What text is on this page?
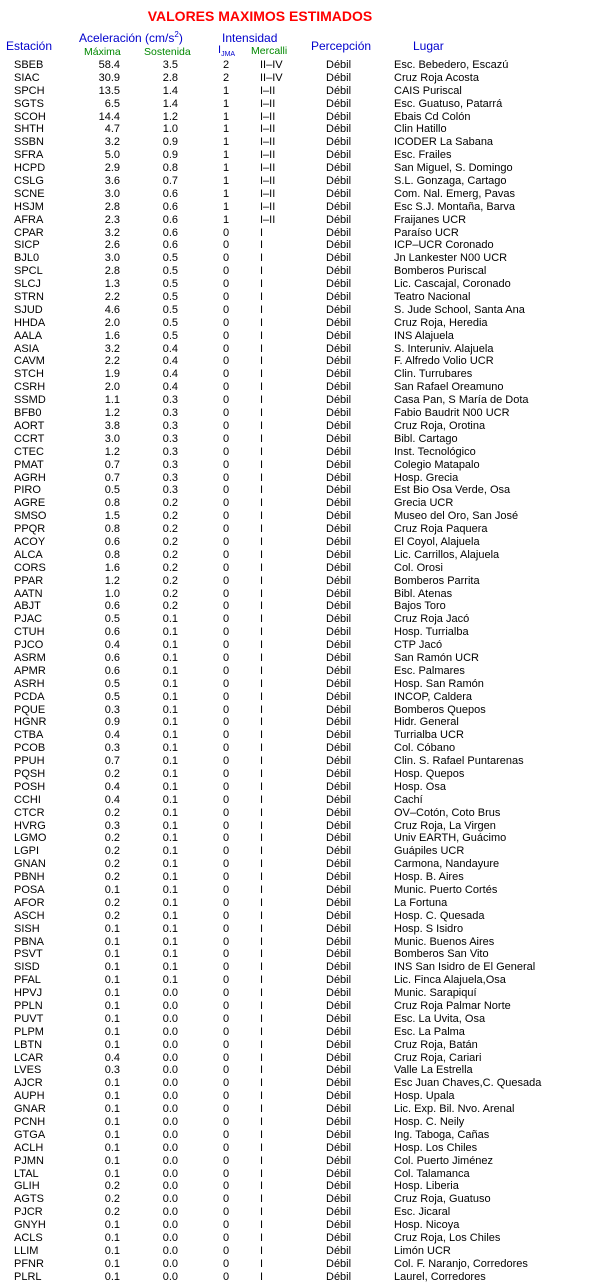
VALORES MAXIMOS ESTIMADOS
Estación
Aceleración $(cm/s^2)$
Máxima Sostenida
Intensidad
$I_{JMA}$ Mercalli Percepción	Lugar
SBEB	58.4	3.5	2	II–IV	Débil	Esc. Bebedero, Escazú
SIAC	30.9	2.8	2	II–IV	Débil	Cruz Roja Acosta
SPCH	13.5	1.4	1	I–II	Débil	CAIS Puriscal
SGTS	6.5	1.4	1	I–II	Débil	Esc. Guatuso, Patarrá
SCOH	14.4	1.2	1	I–II	Débil	Ebais Cd Colón
SHTH	4.7	1.0	1	I–II	Débil	Clin Hatillo
SSBN	3.2	0.9	1	I–II	Débil	ICODER La Sabana
SFRA	5.0	0.9	1	I–II	Débil	Esc. Frailes
HCPD	2.9	0.8	1	I–II	Débil	San Miguel, S. Domingo
CSLG	3.6	0.7	1	I–II	Débil	S.L. Gonzaga, Cartago
SCNE	3.0	0.6	1	I–II	Débil	Com. Nal. Emerg, Pavas
HSJM	2.8	0.6	1	I–II	Débil	Esc S.J. Montaña, Barva
AFRA	2.3	0.6	1	I–II	Débil	Fraijanes UCR
CPAR	3.2	0.6	0	I	Débil	Paraíso UCR
SICP	2.6	0.6	0	I	Débil	ICP–UCR Coronado
BJL0	3.0	0.5	0	I	Débil	Jn Lankester N00 UCR
SPCL	2.8	0.5	0	I	Débil	Bomberos Puriscal
SLCJ	1.3	0.5	0	I	Débil	Lic. Cascajal, Coronado
STRN	2.2	0.5	0	I	Débil	Teatro Nacional
SJUD	4.6	0.5	0	I	Débil	S. Jude School, Santa Ana
HHDA	2.0	0.5	0	I	Débil	Cruz Roja, Heredia
AALA	1.6	0.5	0	I	Débil	INS Alajuela
ASIA	3.2	0.4	0	I	Débil	S. Interuniv. Alajuela
CAVM	2.2	0.4	0	I	Débil	F. Alfredo Volio UCR
STCH	1.9	0.4	0	I	Débil	Clin. Turrubares
CSRH	2.0	0.4	0	I	Débil	San Rafael Oreamuno
SSMD	1.1	0.3	0	I	Débil	Casa Pan, S María de Dota
BFB0	1.2	0.3	0	I	Débil	Fabio Baudrit N00 UCR
AORT	3.8	0.3	0	I	Débil	Cruz Roja, Orotina
CCRT	3.0	0.3	0	I	Débil	Bibl. Cartago
CTEC	1.2	0.3	0	I	Débil	Inst. Tecnológico
PMAT	0.7	0.3	0	I	Débil	Colegio Matapalo
AGRH	0.7	0.3	0	I	Débil	Hosp. Grecia
PIRO	0.5	0.3	0	I	Débil	Est Bio Osa Verde, Osa
AGRE	0.8	0.2	0	I	Débil	Grecia UCR
SMSO	1.5	0.2	0	I	Débil	Museo del Oro, San José
PPQR	0.8	0.2	0	I	Débil	Cruz Roja Paquera
ACOY	0.6	0.2	0	I	Débil	El Coyol, Alajuela
ALCA	0.8	0.2	0	I	Débil	Lic. Carrillos, Alajuela
CORS	1.6	0.2	0	I	Débil	Col. Orosi
PPAR	1.2	0.2	0	I	Débil	Bomberos Parrita
AATN	1.0	0.2	0	I	Débil	Bibl. Atenas
ABJT	0.6	0.2	0	I	Débil	Bajos Toro
PJAC	0.5	0.1	0	I	Débil	Cruz Roja Jacó
CTUH	0.6	0.1	0	I	Débil	Hosp. Turrialba
PJCO	0.4	0.1	0	I	Débil	CTP Jacó
ASRM	0.6	0.1	0	I	Débil	San Ramón UCR
APMR	0.6	0.1	0	I	Débil	Esc. Palmares
ASRH	0.5	0.1	0	I	Débil	Hosp. San Ramón
PCDA	0.5	0.1	0	I	Débil	INCOP, Caldera
PQUE	0.3	0.1	0	I	Débil	Bomberos Quepos
HGNR	0.9	0.1	0	I	Débil	Hidr. General
CTBA	0.4	0.1	0	I	Débil	Turrialba UCR
PCOB	0.3	0.1	0	I	Débil	Col. Cóbano
PPUH	0.7	0.1	0	I	Débil	Clin. S. Rafael Puntarenas
PQSH	0.2	0.1	0	I	Débil	Hosp. Quepos
POSH	0.4	0.1	0	I	Débil	Hosp. Osa
CCHI	0.4	0.1	0	I	Débil	Cachí
CTCR	0.2	0.1	0	I	Débil	OV–Cotón, Coto Brus
HVRG	0.3	0.1	0	I	Débil	Cruz Roja, La Virgen
LGMO	0.2	0.1	0	I	Débil	Univ EARTH, Guácimo
LGPI	0.2	0.1	0	I	Débil	Guápiles UCR
GNAN	0.2	0.1	0	I	Débil	Carmona, Nandayure
PBNH	0.2	0.1	0	I	Débil	Hosp. B. Aires
POSA	0.1	0.1	0	I	Débil	Munic. Puerto Cortés
AFOR	0.2	0.1	0	I	Débil	La Fortuna
ASCH	0.2	0.1	0	I	Débil	Hosp. C. Quesada
SISH	0.1	0.1	0	I	Débil	Hosp. S Isidro
PBNA	0.1	0.1	0	I	Débil	Munic. Buenos Aires
PSVT	0.1	0.1	0	I	Débil	Bomberos San Vito
SISD	0.1	0.1	0	I	Débil	INS San Isidro de El General
PFAL	0.1	0.1	0	I	Débil	Lic. Finca Alajuela,Osa
HPVJ	0.1	0.0	0	I	Débil	Munic. Sarapiquí
PPLN	0.1	0.0	0	I	Débil	Cruz Roja Palmar Norte
PUVT	0.1	0.0	0	I	Débil	Esc. La Uvita, Osa
PLPM	0.1	0.0	0	I	Débil	Esc. La Palma
LBTN	0.1	0.0	0	I	Débil	Cruz Roja, Batán
LCAR	0.4	0.0	0	I	Débil	Cruz Roja, Cariari
LVES	0.3	0.0	0	I	Débil	Valle La Estrella
AJCR	0.1	0.0	0	I	Débil	Esc Juan Chaves,C. Quesada
AUPH	0.1	0.0	0	I	Débil	Hosp. Upala
GNAR	0.1	0.0	0	I	Débil	Lic. Exp. Bil. Nvo. Arenal
PCNH	0.1	0.0	0	I	Débil	Hosp. C. Neily
GTGA	0.1	0.0	0	I	Débil	Ing. Taboga, Cañas
ACLH	0.1	0.0	0	I	Débil	Hosp. Los Chiles
PJMN	0.1	0.0	0	I	Débil	Col. Puerto Jiménez
LTAL	0.1	0.0	0	I	Débil	Col. Talamanca
GLIH	0.2	0.0	0	I	Débil	Hosp. Liberia
AGTS	0.2	0.0	0	I	Débil	Cruz Roja, Guatuso
PJCR	0.2	0.0	0	I	Débil	Esc. Jicaral
GNYH	0.1	0.0	0	I	Débil	Hosp. Nicoya
ACLS	0.1	0.0	0	I	Débil	Cruz Roja, Los Chiles
LLIM	0.1	0.0	0	I	Débil	Limón UCR
PFNR	0.1	0.0	0	I	Débil	Col. F. Naranjo, Corredores
PLRL	0.1	0.0	0	I	Débil	Laurel, Corredores
